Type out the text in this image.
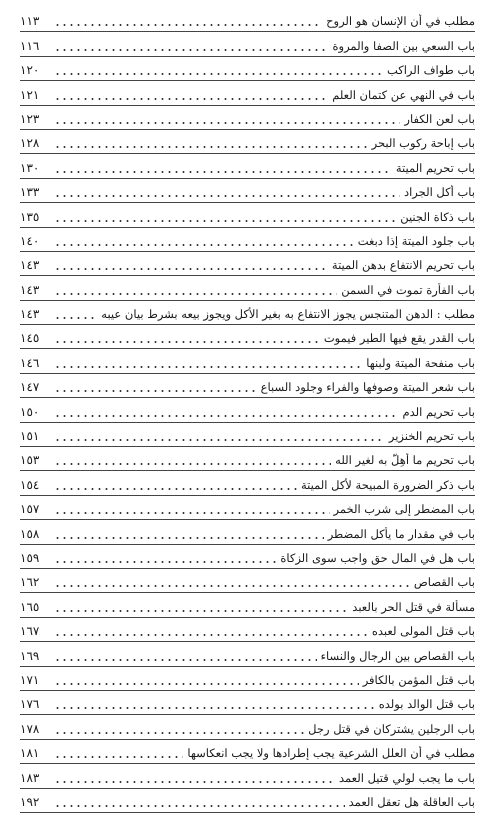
مطلب في أن الإنسان هو الروح
١١٣
باب السعي بين الصفا والمروة
١١٦
باب طواف الراكب
١٢٠
باب في النهي عن كتمان العلم
١٢١
باب لعن الكفار
١٢٣
باب إباحة ركوب البحر
١٢٨
باب تحريم الميتة
١٣٠
باب أكل الجراد
١٣٣
باب ذكاة الجنين
١٣٥
باب جلود الميتة إذا دبغت
١٤٠
باب تحريم الانتفاع بدهن الميتة
١٤٣
باب الفأرة تموت في السمن
١٤٣
مطلب : الدهن المتنجس يجوز الانتفاع به بغير الأكل ويجوز بيعه بشرط بيان عيبه
١٤٣
باب القدر يقع فيها الطير فيموت
١٤٥
باب منفحة الميتة ولبنها
١٤٦
باب شعر الميتة وصوفها والفراء وجلود السباع
١٤٧
باب تحريم الدم
١٥٠
باب تحريم الخنزير
١٥١
باب تحريم ما أُهِلّ به لغير الله
١٥٣
باب ذكر الضرورة المبيحة لأكل الميتة
١٥٤
باب المضطر إلى شرب الخمر
١٥٧
باب في مقدار ما يأكل المضطر
١٥٨
باب هل في المال حق واجب سوى الزكاة
١٥٩
باب القصاص
١٦٢
مسألة في قتل الحر بالعبد
١٦٥
باب قتل المولى لعبده
١٦٧
باب القصاص بين الرجال والنساء
١٦٩
باب قتل المؤمن بالكافر
١٧١
باب قتل الوالد بولده
١٧٦
باب الرجلين يشتركان في قتل رجل
١٧٨
مطلب في أن العلل الشرعية يجب إطرادها ولا يجب انعكاسها
١٨١
باب ما يجب لولي قتيل العمد
١٨٣
باب العاقلة هل تعقل العمد
١٩٢
